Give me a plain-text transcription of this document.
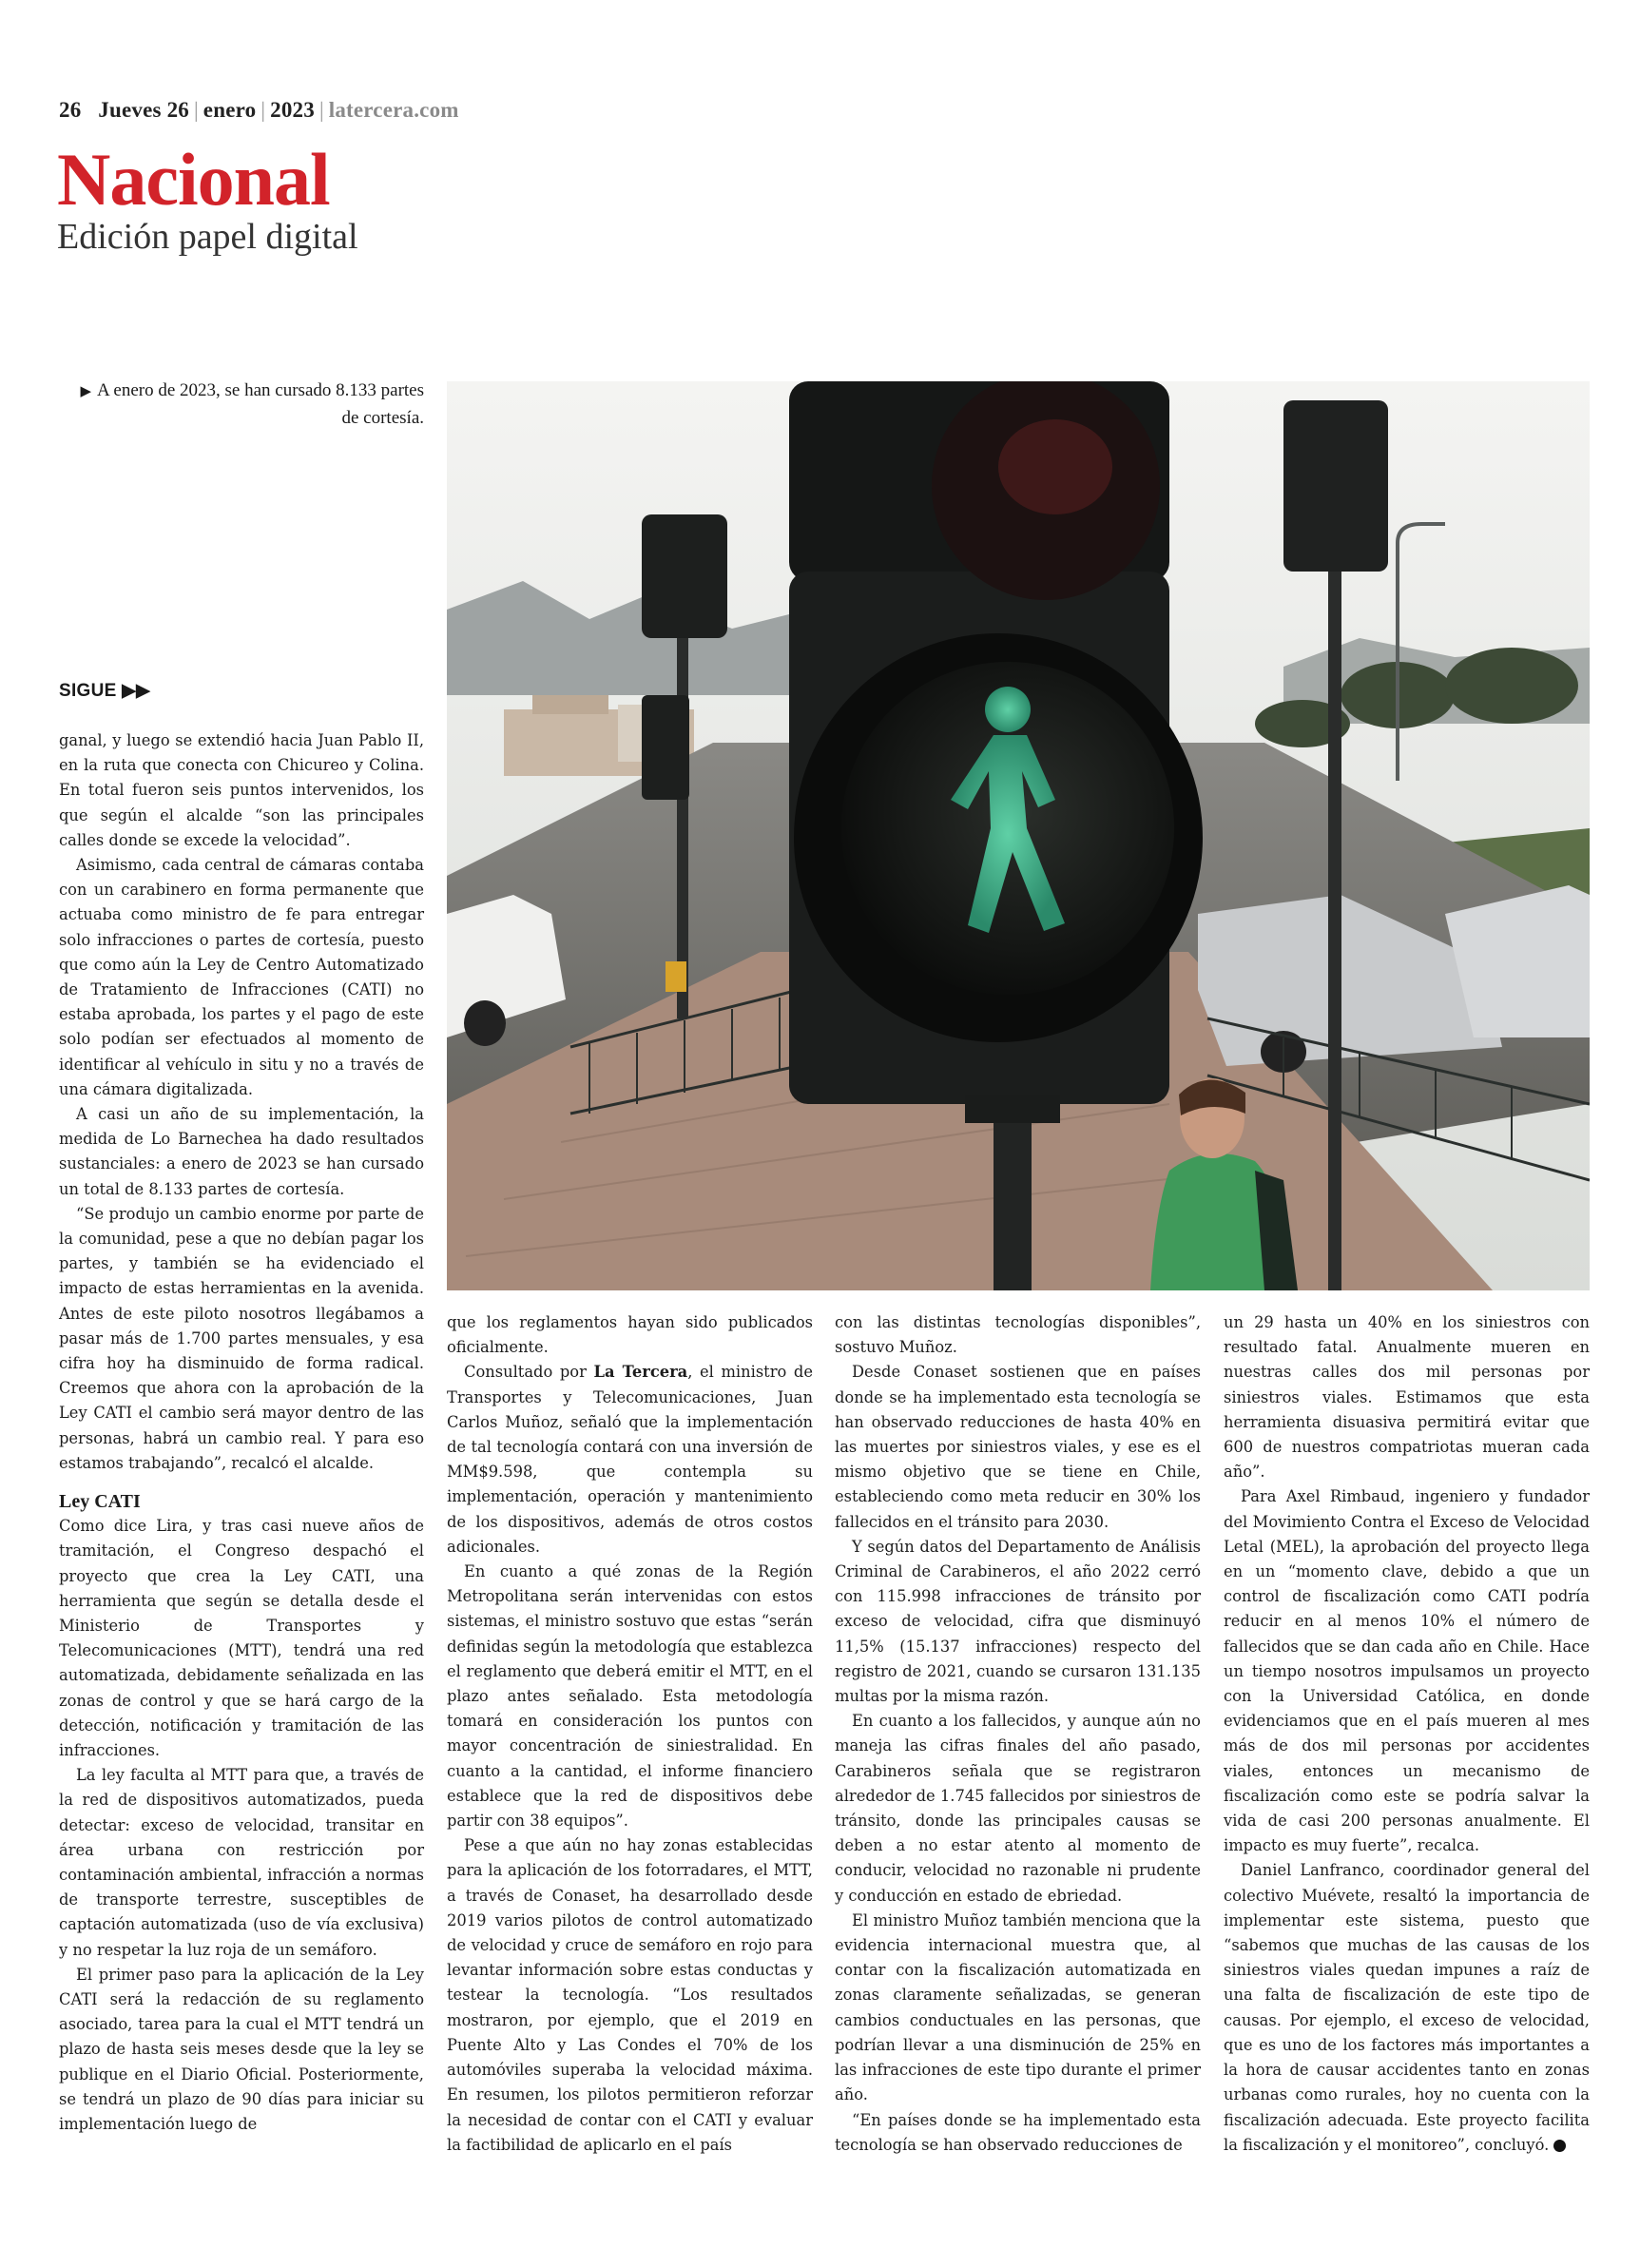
26 Jueves 26 | enero | 2023 | latercera.com
Nacional
Edición papel digital
▶ A enero de 2023, se han cursado 8.133 partes de cortesía.
SIGUE ▶▶

ganal, y luego se extendió hacia Juan Pablo II, en la ruta que conecta con Chicureo y Colina. En total fueron seis puntos intervenidos, los que según el alcalde “son las principales calles donde se excede la velocidad”.

Asimismo, cada central de cámaras contaba con un carabinero en forma permanente que actuaba como ministro de fe para entregar solo infracciones o partes de cortesía, puesto que como aún la Ley de Centro Automatizado de Tratamiento de Infracciones (CATI) no estaba aprobada, los partes y el pago de este solo podían ser efectuados al momento de identificar al vehículo in situ y no a través de una cámara digitalizada.

A casi un año de su implementación, la medida de Lo Barnechea ha dado resultados sustanciales: a enero de 2023 se han cursado un total de 8.133 partes de cortesía.

“Se produjo un cambio enorme por parte de la comunidad, pese a que no debían pagar los partes, y también se ha evidenciado el impacto de estas herramientas en la avenida. Antes de este piloto nosotros llegábamos a pasar más de 1.700 partes mensuales, y esa cifra hoy ha disminuido de forma radical. Creemos que ahora con la aprobación de la Ley CATI el cambio será mayor dentro de las personas, habrá un cambio real. Y para eso estamos trabajando”, recalcó el alcalde.

Ley CATI

Como dice Lira, y tras casi nueve años de tramitación, el Congreso despachó el proyecto que crea la Ley CATI, una herramienta que según se detalla desde el Ministerio de Transportes y Telecomunicaciones (MTT), tendrá una red automatizada, debidamente señalizada en las zonas de control y que se hará cargo de la detección, notificación y tramitación de las infracciones.

La ley faculta al MTT para que, a través de la red de dispositivos automatizados, pueda detectar: exceso de velocidad, transitar en área urbana con restricción por contaminación ambiental, infracción a normas de transporte terrestre, susceptibles de captación automatizada (uso de vía exclusiva) y no respetar la luz roja de un semáforo.

El primer paso para la aplicación de la Ley CATI será la redacción de su reglamento asociado, tarea para la cual el MTT tendrá un plazo de hasta seis meses desde que la ley se publique en el Diario Oficial. Posteriormente, se tendrá un plazo de 90 días para iniciar su implementación luego de

que los reglamentos hayan sido publicados oficialmente.

Consultado por La Tercera, el ministro de Transportes y Telecomunicaciones, Juan Carlos Muñoz, señaló que la implementación de tal tecnología contará con una inversión de MM$9.598, que contempla su implementación, operación y mantenimiento de los dispositivos, además de otros costos adicionales.

En cuanto a qué zonas de la Región Metropolitana serán intervenidas con estos sistemas, el ministro sostuvo que estas “serán definidas según la metodología que establezca el reglamento que deberá emitir el MTT, en el plazo antes señalado. Esta metodología tomará en consideración los puntos con mayor concentración de siniestralidad. En cuanto a la cantidad, el informe financiero establece que la red de dispositivos debe partir con 38 equipos”.

Pese a que aún no hay zonas establecidas para la aplicación de los fotorradares, el MTT, a través de Conaset, ha desarrollado desde 2019 varios pilotos de control automatizado de velocidad y cruce de semáforo en rojo para levantar información sobre estas conductas y testear la tecnología. “Los resultados mostraron, por ejemplo, que el 2019 en Puente Alto y Las Condes el 70% de los automóviles superaba la velocidad máxima. En resumen, los pilotos permitieron reforzar la necesidad de contar con el CATI y evaluar la factibilidad de aplicarlo en el país

con las distintas tecnologías disponibles”, sostuvo Muñoz.

Desde Conaset sostienen que en países donde se ha implementado esta tecnología se han observado reducciones de hasta 40% en las muertes por siniestros viales, y ese es el mismo objetivo que se tiene en Chile, estableciendo como meta reducir en 30% los fallecidos en el tránsito para 2030.

Y según datos del Departamento de Análisis Criminal de Carabineros, el año 2022 cerró con 115.998 infracciones de tránsito por exceso de velocidad, cifra que disminuyó 11,5% (15.137 infracciones) respecto del registro de 2021, cuando se cursaron 131.135 multas por la misma razón.

En cuanto a los fallecidos, y aunque aún no maneja las cifras finales del año pasado, Carabineros señala que se registraron alrededor de 1.745 fallecidos por siniestros de tránsito, donde las principales causas se deben a no estar atento al momento de conducir, velocidad no razonable ni prudente y conducción en estado de ebriedad.

El ministro Muñoz también menciona que la evidencia internacional muestra que, al contar con la fiscalización automatizada en zonas claramente señalizadas, se generan cambios conductuales en las personas, que podrían llevar a una disminución de 25% en las infracciones de este tipo durante el primer año.

“En países donde se ha implementado esta tecnología se han observado reducciones de

un 29 hasta un 40% en los siniestros con resultado fatal. Anualmente mueren en nuestras calles dos mil personas por siniestros viales. Estimamos que esta herramienta disuasiva permitirá evitar que 600 de nuestros compatriotas mueran cada año”.

Para Axel Rimbaud, ingeniero y fundador del Movimiento Contra el Exceso de Velocidad Letal (MEL), la aprobación del proyecto llega en un “momento clave, debido a que un control de fiscalización como CATI podría reducir en al menos 10% el número de fallecidos que se dan cada año en Chile. Hace un tiempo nosotros impulsamos un proyecto con la Universidad Católica, en donde evidenciamos que en el país mueren al mes más de dos mil personas por accidentes viales, entonces un mecanismo de fiscalización como este se podría salvar la vida de casi 200 personas anualmente. El impacto es muy fuerte”, recalca.

Daniel Lanfranco, coordinador general del colectivo Muévete, resaltó la importancia de implementar este sistema, puesto que “sabemos que muchas de las causas de los siniestros viales quedan impunes a raíz de una falta de fiscalización de este tipo de causas. Por ejemplo, el exceso de velocidad, que es uno de los factores más importantes a la hora de causar accidentes tanto en zonas urbanas como rurales, hoy no cuenta con la fiscalización adecuada. Este proyecto facilita la fiscalización y el monitoreo”, concluyó.
